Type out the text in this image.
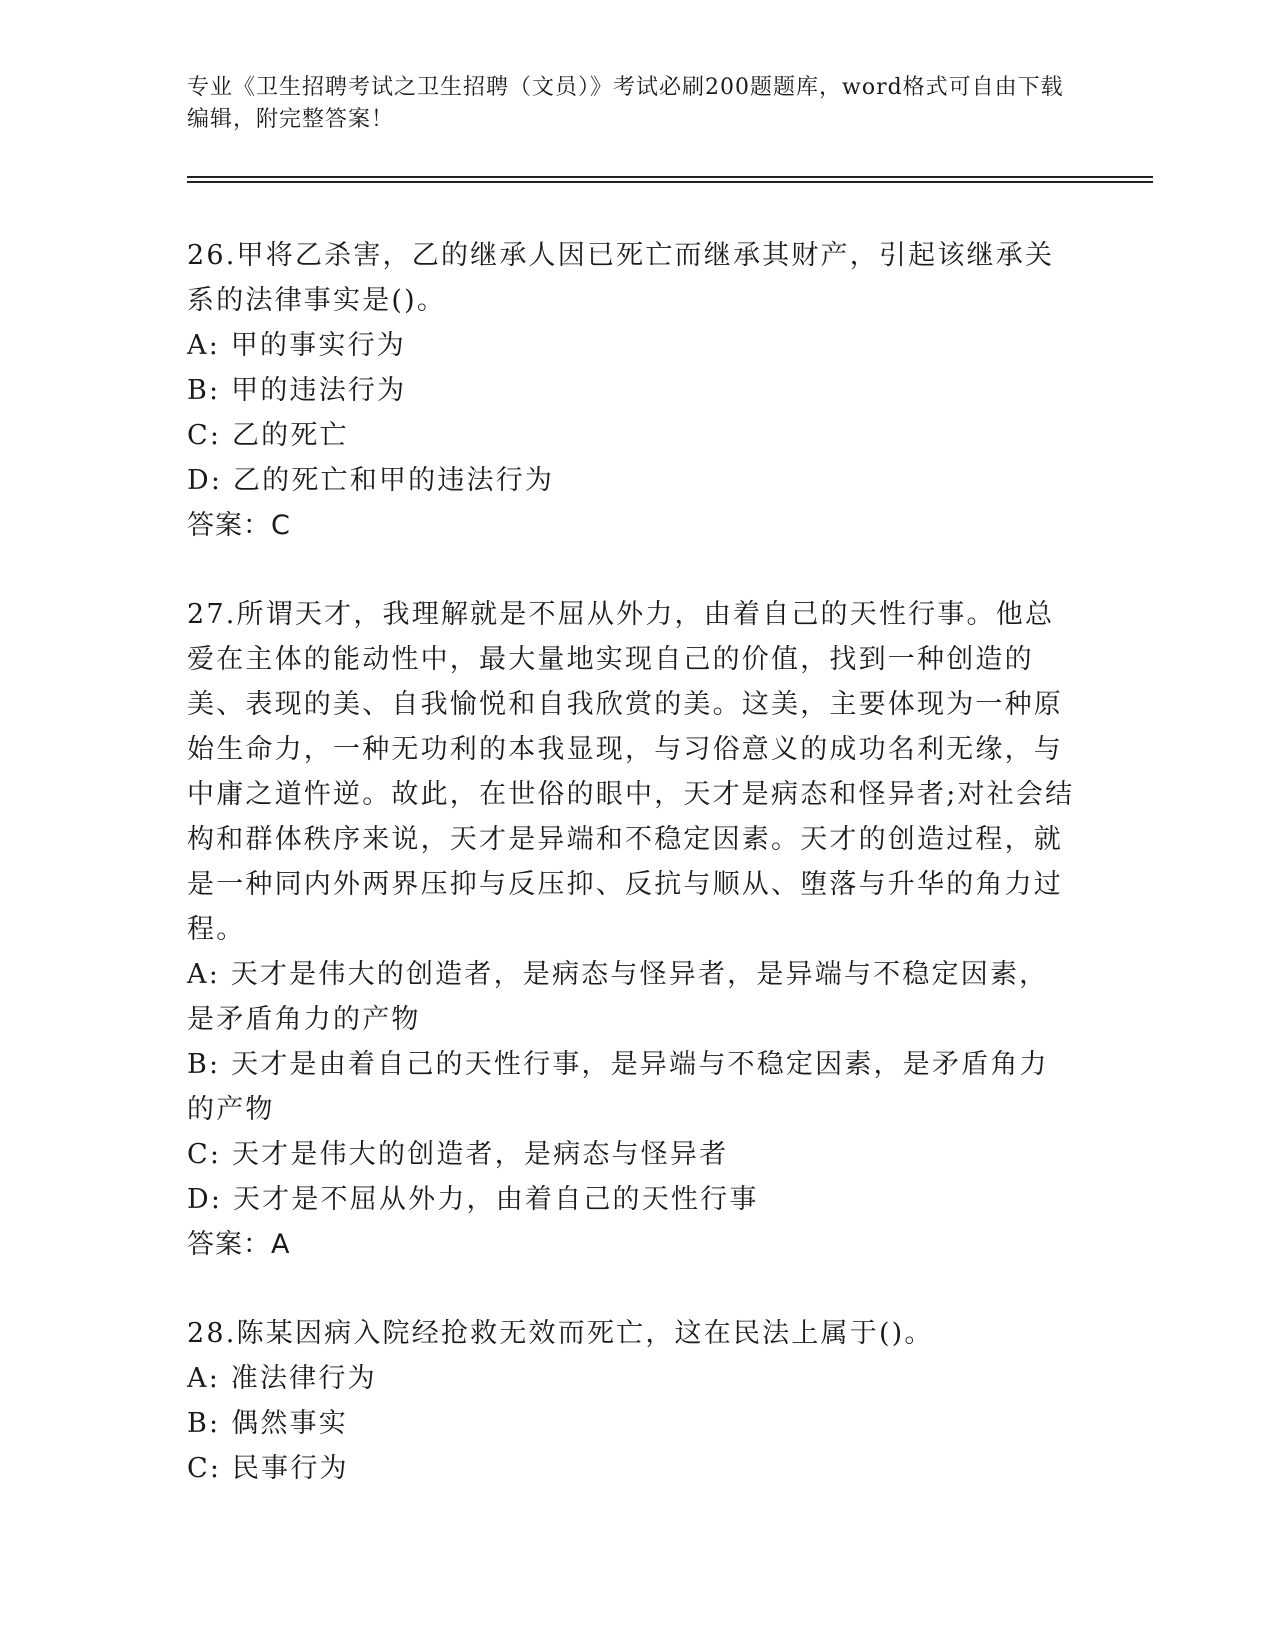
专业《卫生招聘考试之卫生招聘（文员）》考试必刷200题题库，word格式可自由下载编辑，附完整答案！
26.甲将乙杀害，乙的继承人因已死亡而继承其财产，引起该继承关系的法律事实是()。
A: 甲的事实行为
B: 甲的违法行为
C: 乙的死亡
D: 乙的死亡和甲的违法行为
答案：C
27.所谓天才，我理解就是不屈从外力，由着自己的天性行事。他总爱在主体的能动性中，最大量地实现自己的价值，找到一种创造的美、表现的美、自我愉悦和自我欣赏的美。这美，主要体现为一种原始生命力，一种无功利的本我显现，与习俗意义的成功名利无缘，与中庸之道忤逆。故此，在世俗的眼中，天才是病态和怪异者;对社会结构和群体秩序来说，天才是异端和不稳定因素。天才的创造过程，就是一种同内外两界压抑与反压抑、反抗与顺从、堕落与升华的角力过程。
A: 天才是伟大的创造者，是病态与怪异者，是异端与不稳定因素，是矛盾角力的产物
B: 天才是由着自己的天性行事，是异端与不稳定因素，是矛盾角力的产物
C: 天才是伟大的创造者，是病态与怪异者
D: 天才是不屈从外力，由着自己的天性行事
答案：A
28.陈某因病入院经抢救无效而死亡，这在民法上属于()。
A: 准法律行为
B: 偶然事实
C: 民事行为
